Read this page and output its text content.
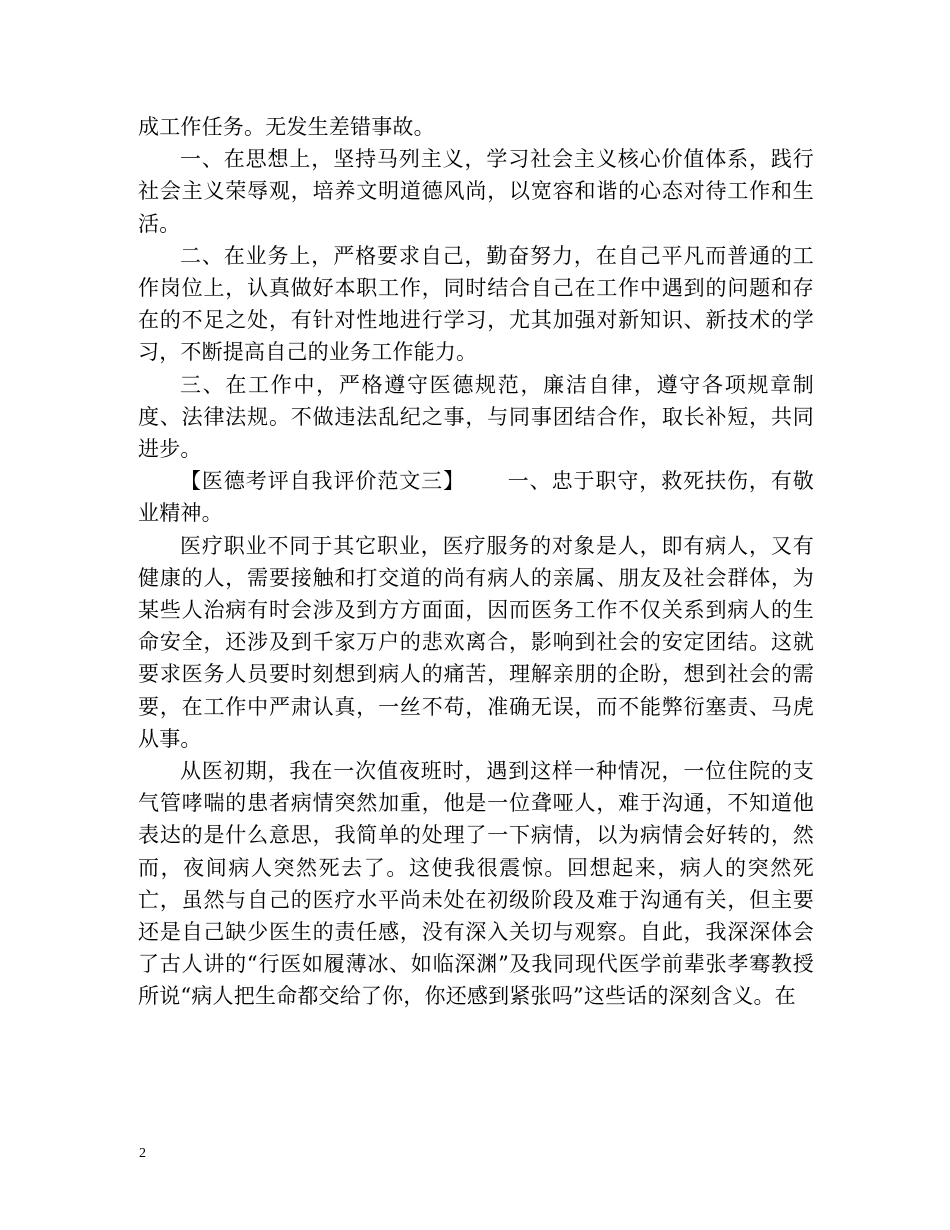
成工作任务。无发生差错事故。

一、在思想上，坚持马列主义，学习社会主义核心价值体系，践行社会主义荣辱观，培养文明道德风尚，以宽容和谐的心态对待工作和生活。

二、在业务上，严格要求自己，勤奋努力，在自己平凡而普通的工作岗位上，认真做好本职工作，同时结合自己在工作中遇到的问题和存在的不足之处，有针对性地进行学习，尤其加强对新知识、新技术的学习，不断提高自己的业务工作能力。

三、在工作中，严格遵守医德规范，廉洁自律，遵守各项规章制度、法律法规。不做违法乱纪之事，与同事团结合作，取长补短，共同进步。

【医德考评自我评价范文三】 一、忠于职守，救死扶伤，有敬业精神。

医疗职业不同于其它职业，医疗服务的对象是人，即有病人，又有健康的人，需要接触和打交道的尚有病人的亲属、朋友及社会群体，为某些人治病有时会涉及到方方面面，因而医务工作不仅关系到病人的生命安全，还涉及到千家万户的悲欢离合，影响到社会的安定团结。这就要求医务人员要时刻想到病人的痛苦，理解亲朋的企盼，想到社会的需要，在工作中严肃认真，一丝不苟，准确无误，而不能弊衍塞责、马虎从事。

从医初期，我在一次值夜班时，遇到这样一种情况，一位住院的支气管哮喘的患者病情突然加重，他是一位聋哑人，难于沟通，不知道他表达的是什么意思，我简单的处理了一下病情，以为病情会好转的，然而，夜间病人突然死去了。这使我很震惊。回想起来，病人的突然死亡，虽然与自己的医疗水平尚未处在初级阶段及难于沟通有关，但主要还是自己缺少医生的责任感，没有深入关切与观察。自此，我深深体会了古人讲的“行医如履薄冰、如临深渊”及我同现代医学前辈张孝骞教授所说“病人把生命都交给了你，你还感到紧张吗”这些话的深刻含义。在

2
